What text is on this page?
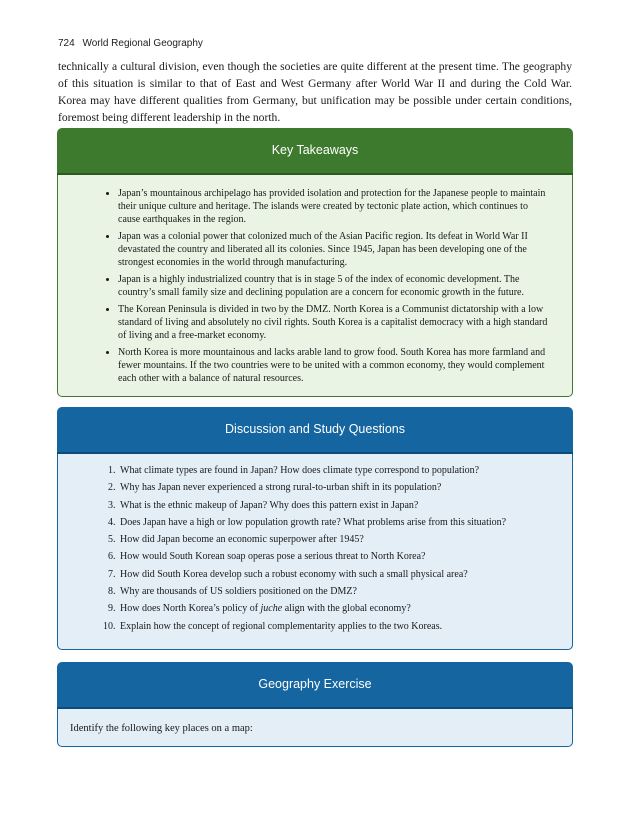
724 World Regional Geography

technically a cultural division, even though the societies are quite different at the present time. The geography of this situation is similar to that of East and West Germany after World War II and during the Cold War. Korea may have different qualities from Germany, but unification may be possible under certain conditions, foremost being different leadership in the north.

Key Takeaways
• Japan’s mountainous archipelago has provided isolation and protection for the Japanese people to maintain their unique culture and heritage. The islands were created by tectonic plate action, which continues to cause earthquakes in the region.
• Japan was a colonial power that colonized much of the Asian Pacific region. Its defeat in World War II devastated the country and liberated all its colonies. Since 1945, Japan has been developing one of the strongest economies in the world through manufacturing.
• Japan is a highly industrialized country that is in stage 5 of the index of economic development. The country’s small family size and declining population are a concern for economic growth in the future.
• The Korean Peninsula is divided in two by the DMZ. North Korea is a Communist dictatorship with a low standard of living and absolutely no civil rights. South Korea is a capitalist democracy with a high standard of living and a free-market economy.
• North Korea is more mountainous and lacks arable land to grow food. South Korea has more farmland and fewer mountains. If the two countries were to be united with a common economy, they would complement each other with a balance of natural resources.
Discussion and Study Questions
1. What climate types are found in Japan? How does climate type correspond to population?
2. Why has Japan never experienced a strong rural-to-urban shift in its population?
3. What is the ethnic makeup of Japan? Why does this pattern exist in Japan?
4. Does Japan have a high or low population growth rate? What problems arise from this situation?
5. How did Japan become an economic superpower after 1945?
6. How would South Korean soap operas pose a serious threat to North Korea?
7. How did South Korea develop such a robust economy with such a small physical area?
8. Why are thousands of US soldiers positioned on the DMZ?
9. How does North Korea’s policy of juche align with the global economy?
10. Explain how the concept of regional complementarity applies to the two Koreas.
Geography Exercise
Identify the following key places on a map:
